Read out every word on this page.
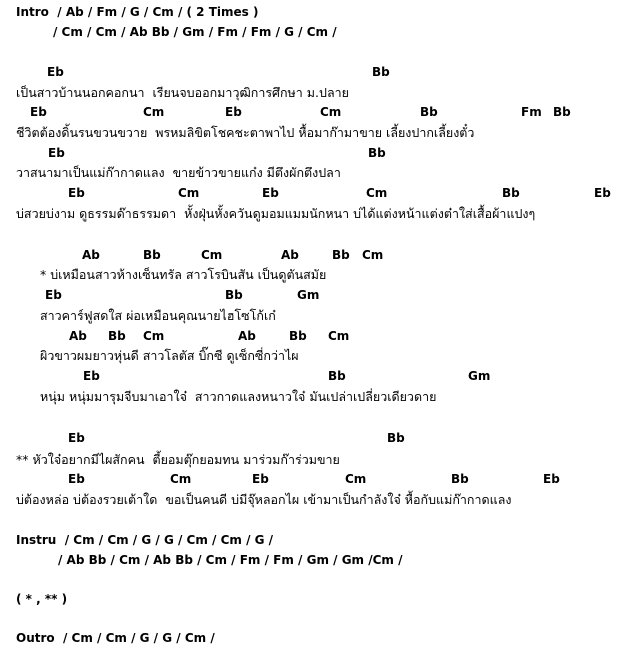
Intro  / Ab / Fm / G / Cm / ( 2 Times )
/ Cm / Cm / Ab Bb / Gm / Fm / Fm / G / Cm /
Eb	Bb
เป็นสาวบ้านนอกคอกนา  เรียนจบออกมาวุฒิการศึกษา ม.ปลาย
Eb	Cm	Eb	Cm	Bb	Fm Bb
ชีวิตต้องดิ้นรนขวนขวาย  พรหมลิขิตโชคชะตาพาไป หื้อมาก๊ามาขาย เลี้ยงปากเลี้ยงตั๋ว
Eb	Bb
วาสนามาเป็นแม่ก๊ากาดแลง  ขายข้าวขายแก๋ง มีตึงผักตึงปลา
Eb	Cm	Eb	Cm	Bb	Eb
บ่สวยบ่งาม ดูธรรมด๊าธรรมดา  หั้งฝุ่นหั้งควันดูมอมแมมนักหนา บ่ได้แต่งหน้าแต่งต๋าใส่เสื้อผ้าแปงๆ
Ab	Bb	Cm	Ab	Bb Cm
* บ่เหมือนสาวห้างเซ็นทรัล สาวโรบินสัน เป็นดูตันสมัย
Eb	Bb	Gm
สาวคาร์ฟูสดใส ผ่อเหมือนคุณนายไฮโซโก้เก๋
Ab Bb Cm	Ab	Bb Cm
ผิวขาวผมยาวหุ่นดี สาวโลตัส บิ๊กซี ดูเซ็กซี่กว่าไผ
Eb	Bb	Gm
หนุ่ม หนุ่มมารุมจีบมาเอาใจ๋  สาวกาดแลงหนาวใจ๋ มันเปล่าเปลี่ยวเดียวดาย
Eb	Bb
** หัวใจ๋อยากมีไผสักคน  ตี้ยอมตุ๊กยอมทน มาร่วมก๊าร่วมขาย
Eb	Cm	Eb	Cm	Bb	Eb
บ่ต้องหล่อ บ่ต้องรวยเต้าใด  ขอเป็นคนดี บ่มีจุ๊หลอกไผ เข้ามาเป็นกำลังใจ๋ หื้อกับแม่ก๊ากาดแลง
Instru  / Cm / Cm / G / G / Cm / Cm / G /
/ Ab Bb / Cm / Ab Bb / Cm / Fm / Fm / Gm / Gm /Cm /
( * , ** )
Outro  / Cm / Cm / G / G / Cm /
